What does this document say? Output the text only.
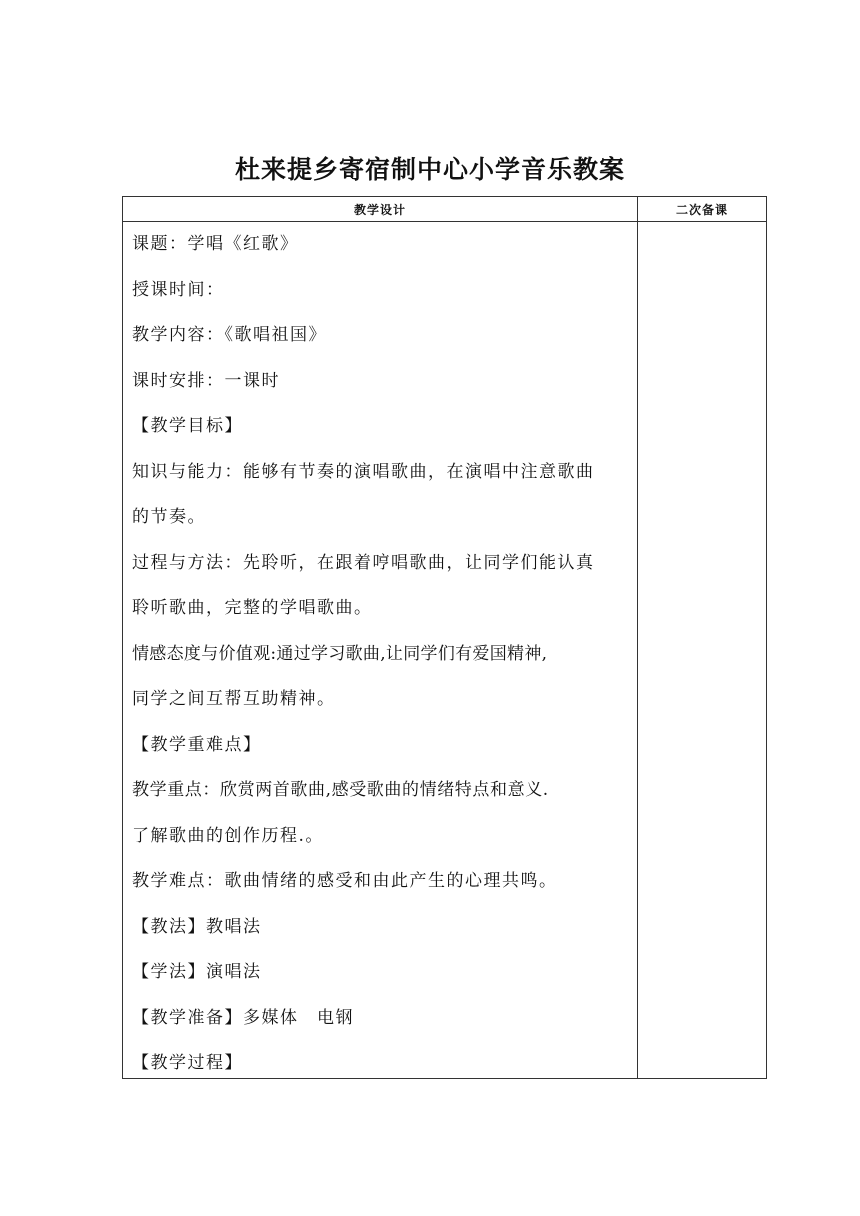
杜来提乡寄宿制中心小学音乐教案
教学设计	二次备课
课题：学唱《红歌》
授课时间：
教学内容：《歌唱祖国》
课时安排：一课时
【教学目标】
知识与能力：能够有节奏的演唱歌曲，在演唱中注意歌曲
的节奏。
过程与方法：先聆听，在跟着哼唱歌曲，让同学们能认真
聆听歌曲，完整的学唱歌曲。
情感态度与价值观:通过学习歌曲,让同学们有爱国精神,
同学之间互帮互助精神。
【教学重难点】
教学重点：欣赏两首歌曲,感受歌曲的情绪特点和意义.
了解歌曲的创作历程.。
教学难点：歌曲情绪的感受和由此产生的心理共鸣。
【教法】教唱法
【学法】演唱法
【教学准备】多媒体　电钢
【教学过程】
